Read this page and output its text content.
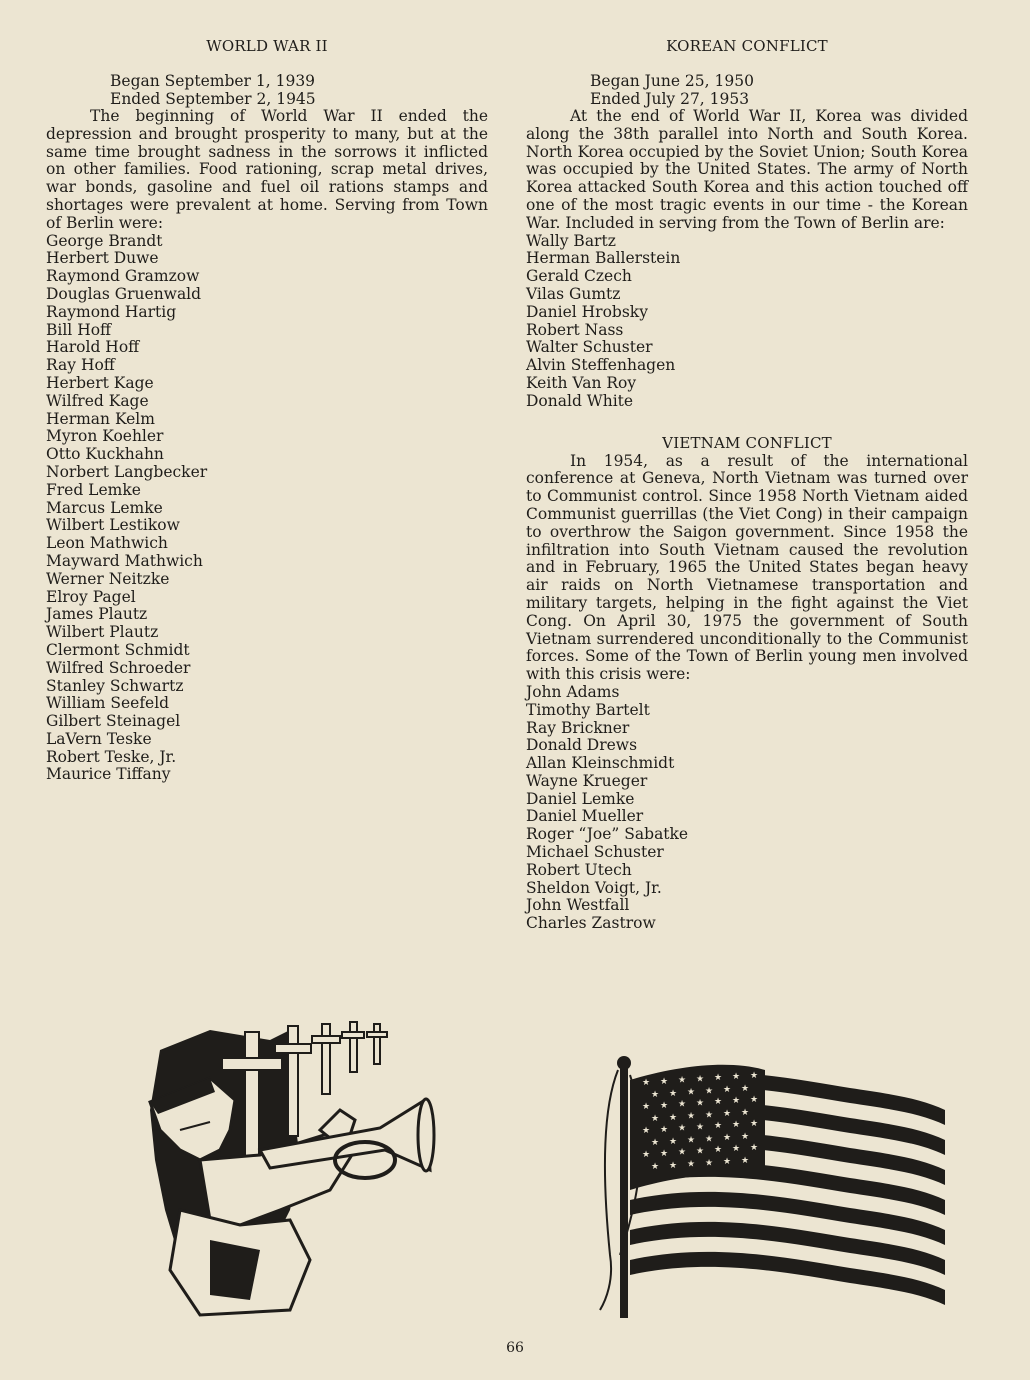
WORLD WAR II
Began September 1, 1939
Ended September 2, 1945

The beginning of World War II ended the depression and brought prosperity to many, but at the same time brought sadness in the sorrows it inflicted on other families. Food rationing, scrap metal drives, war bonds, gasoline and fuel oil rations stamps and shortages were prevalent at home. Serving from Town of Berlin were:

George Brandt
Herbert Duwe
Raymond Gramzow
Douglas Gruenwald
Raymond Hartig
Bill Hoff
Harold Hoff
Ray Hoff
Herbert Kage
Wilfred Kage
Herman Kelm
Myron Koehler
Otto Kuckhahn
Norbert Langbecker
Fred Lemke
Marcus Lemke
Wilbert Lestikow
Leon Mathwich
Mayward Mathwich
Werner Neitzke
Elroy Pagel
James Plautz
Wilbert Plautz
Clermont Schmidt
Wilfred Schroeder
Stanley Schwartz
William Seefeld
Gilbert Steinagel
LaVern Teske
Robert Teske, Jr.
Maurice Tiffany
KOREAN CONFLICT
Began June 25, 1950
Ended July 27, 1953

At the end of World War II, Korea was divided along the 38th parallel into North and South Korea. North Korea occupied by the Soviet Union; South Korea was occupied by the United States. The army of North Korea attacked South Korea and this action touched off one of the most tragic events in our time - the Korean War. Included in serving from the Town of Berlin are:

Wally Bartz
Herman Ballerstein
Gerald Czech
Vilas Gumtz
Daniel Hrobsky
Robert Nass
Walter Schuster
Alvin Steffenhagen
Keith Van Roy
Donald White
VIETNAM CONFLICT

In 1954, as a result of the international conference at Geneva, North Vietnam was turned over to Communist control. Since 1958 North Vietnam aided Communist guerrillas (the Viet Cong) in their campaign to overthrow the Saigon government. Since 1958 the infiltration into South Vietnam caused the revolution and in February, 1965 the United States began heavy air raids on North Vietnamese transportation and military targets, helping in the fight against the Viet Cong. On April 30, 1975 the government of South Vietnam surrendered unconditionally to the Communist forces. Some of the Town of Berlin young men involved with this crisis were:

John Adams
Timothy Bartelt
Ray Brickner
Donald Drews
Allan Kleinschmidt
Wayne Krueger
Daniel Lemke
Daniel Mueller
Roger “Joe” Sabatke
Michael Schuster
Robert Utech
Sheldon Voigt, Jr.
John Westfall
Charles Zastrow
★ ★ ★ ★ ★ ★ ★
★ ★ ★ ★ ★ ★
★ ★ ★ ★ ★ ★ ★
★ ★ ★ ★ ★ ★
★ ★ ★ ★ ★ ★ ★
★ ★ ★ ★ ★ ★
★ ★ ★ ★ ★ ★ ★
★ ★ ★ ★ ★ ★
66
